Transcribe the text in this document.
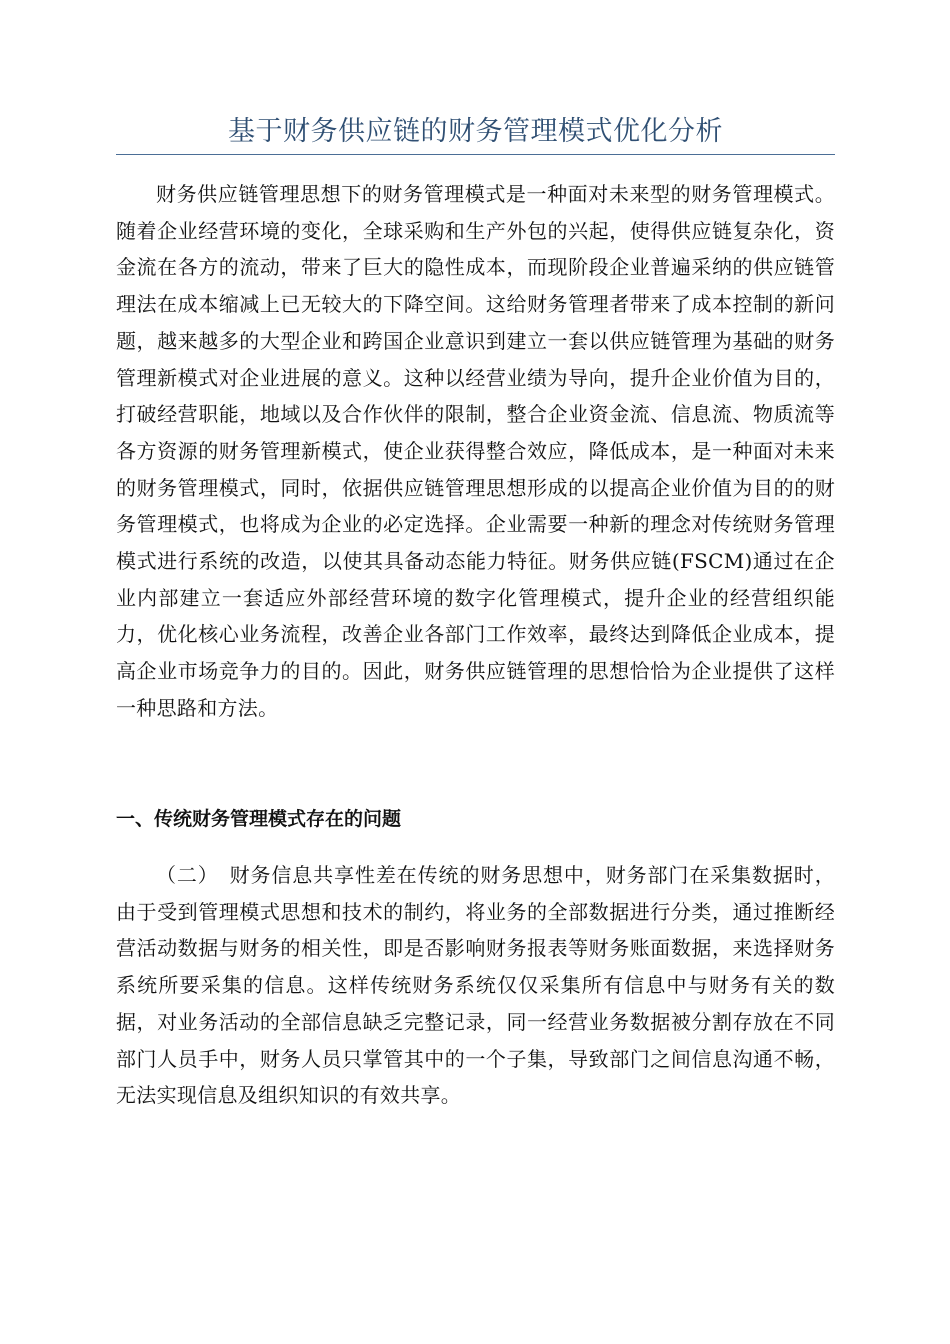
基于财务供应链的财务管理模式优化分析

财务供应链管理思想下的财务管理模式是一种面对未来型的财务管理模式。随着企业经营环境的变化，全球采购和生产外包的兴起，使得供应链复杂化，资金流在各方的流动，带来了巨大的隐性成本，而现阶段企业普遍采纳的供应链管理法在成本缩减上已无较大的下降空间。这给财务管理者带来了成本控制的新问题，越来越多的大型企业和跨国企业意识到建立一套以供应链管理为基础的财务管理新模式对企业进展的意义。这种以经营业绩为导向，提升企业价值为目的，打破经营职能，地域以及合作伙伴的限制，整合企业资金流、信息流、物质流等各方资源的财务管理新模式，使企业获得整合效应，降低成本，是一种面对未来的财务管理模式，同时，依据供应链管理思想形成的以提高企业价值为目的的财务管理模式，也将成为企业的必定选择。企业需要一种新的理念对传统财务管理模式进行系统的改造，以使其具备动态能力特征。财务供应链(FSCM)通过在企业内部建立一套适应外部经营环境的数字化管理模式，提升企业的经营组织能力，优化核心业务流程，改善企业各部门工作效率，最终达到降低企业成本，提高企业市场竞争力的目的。因此，财务供应链管理的思想恰恰为企业提供了这样一种思路和方法。

一、传统财务管理模式存在的问题

（二）　财务信息共享性差在传统的财务思想中，财务部门在采集数据时，由于受到管理模式思想和技术的制约，将业务的全部数据进行分类，通过推断经营活动数据与财务的相关性，即是否影响财务报表等财务账面数据，来选择财务系统所要采集的信息。这样传统财务系统仅仅采集所有信息中与财务有关的数据，对业务活动的全部信息缺乏完整记录，同一经营业务数据被分割存放在不同部门人员手中，财务人员只掌管其中的一个子集，导致部门之间信息沟通不畅，无法实现信息及组织知识的有效共享。
